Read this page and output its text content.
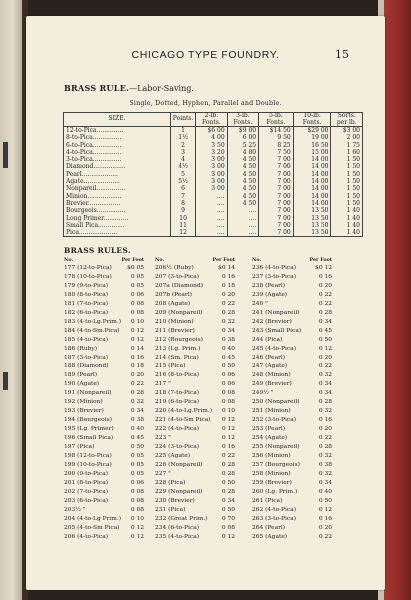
CHICAGO TYPE FOUNDRY.	15
BRASS RULE.—Labor-Saving.
Single, Dotted, Hyphen, Parallel and Double.
SIZE.	Points.	2-lb. Fonts.	3-lb. Fonts.	5-lb. Fonts.	10-lb. Fonts.	Sorts. per lb.
12-to-Pica..............	1	$6 00	$9 00	$14 50	$29 00	$3 00
8-to-Pica...............	1½	4 00	6 00	9 50	19 00	2 00
6-to-Pica...............	2	3 50	5 25	8 25	16 50	1 75
4-to-Pica...............	3	3 20	4 80	7 50	15 00	1 60
3-to-Pica...............	4	3 00	4 50	7 00	14 00	1 50
Diamond.................	4½	3 00	4 50	7 00	14 00	1 50
Pearl...................	5	3 00	4 50	7 00	14 00	1 50
Agate...................	5½	3 00	4 50	7 00	14 00	1 50
Nonpareil...............	6	3 00	4 50	7 00	14 00	1 50
Minion..................	7	....	4 50	7 00	14 00	1 50
Brevier.................	8	....	4 50	7 00	14 00	1 50
Bourgeois...............	9	....	....	7 00	13 50	1 40
Long Primer.............	10	....	....	7 00	13 50	1 40
Small Pica..............	11	....	....	7 00	13 50	1 40
Pica....................	12	....	....	7 00	13 50	1 40
BRASS RULES.
No.	Per Foot
177 (12-to-Pica)	$0 05
178 (10-to-Pica)	0 05
179 (9-to-Pica)	0 05
180 (8-to-Pica)	0 06
181 (7-to-Pica)	0 08
182 (6-to-Pica)	0 08
183 (4-to-Lg.Prim.) 0 10
184 (4-to-Sm.Pica) 0 12
185 (4-to-Pica)	0 12
186 (Ruby)	0 14
187 (3-to-Pica)	0 16
188 (Diamond)	0 18
189 (Pearl)	0 20
190 (Agate)	0 22
191 (Nonpareil)	0 28
192 (Minion)	0 32
193 (Brevier)	0 34
194 (Bourgeois)	0 38
195 (Lg. Primer)	0 40
196 (Small Pica)	0 45
197 (Pica)	0 50
198 (12-to-Pica)	0 05
199 (10-to-Pica)	0 05
200 (9-to-Pica)	0 05
201 (8-to-Pica)	0 06
202 (7-to-Pica)	0 08
203 (6-to-Pica)	0 08
203½ "	0 08
204 (4-to-Lg Prim.) 0 10
205 (4-to-Sm Pica) 0 12
206 (4-to-Pica)	0 12
No.	Per Foot
206½ (Ruby)	$0 14
207 (3-to-Pica)	0 16
207a (Diamond)	0 18
207b (Pearl)	0 20
208 (Agate)	0 22
209 (Nonpareil)	0 28
210 (Minion)	0 32
211 (Brevier)	0 34
212 (Bourgeois)	0 38
213 (Lg. Prim.)	0 40
214 (Sm. Pica)	0 45
215 (Pica)	0 50
216 (8-to-Pica)	0 06
217 "	0 06
218 (7-to-Pica)	0 08
219 (6-to-Pica)	0 08
220 (4-to-Lg.Prim.) 0 10
221 (4-to-Sm Pica) 0 12
222 (4-to-Pica)	0 12
223 "	0 12
224 (3-to-Pica)	0 16
225 (Agate)	0 22
226 (Nonpareil)	0 28
227 "	0 28
228 (Pica)	0 50
229 (Nonpareil)	0 28
230 (Brevier)	0 34
231 (Pica)	0 50
232 (Great Prim.) 0 70
234 (6-to-Pica)	0 08
235 (4-to-Pica)	0 12
No.	Per Foot
236 (4-to-Pica)	$0 12
237 (3-to-Pica)	0 16
238 (Pearl)	0 20
239 (Agate)	0 22
240 "	0 22
241 (Nonpareil)	0 28
242 (Brevier)	0 34
243 (Small Pica)	0 45
244 (Pica)	0 50
245 (4-to-Pica)	0 12
246 (Pearl)	0 20
247 (Agate)	0 22
248 (Minion)	0 32
249 (Brevier)	0 34
249½ "	0 34
250 (Nonpareil)	0 28
251 (Minion)	0 32
252 (3-to-Pica)	0 16
253 (Pearl)	0 20
254 (Agate)	0 22
255 (Nonpareil)	0 28
256 (Minion)	0 32
257 (Bourgeois)	0 38
258 (Minion)	0 32
259 (Brevier)	0 34
260 (Lg. Prim.)	0 40
261 (Pica)	0 50
262 (4-to-Pica)	0 12
263 (3-to-Pica)	0 16
264 (Pearl)	0 20
265 (Agate)	0 22
